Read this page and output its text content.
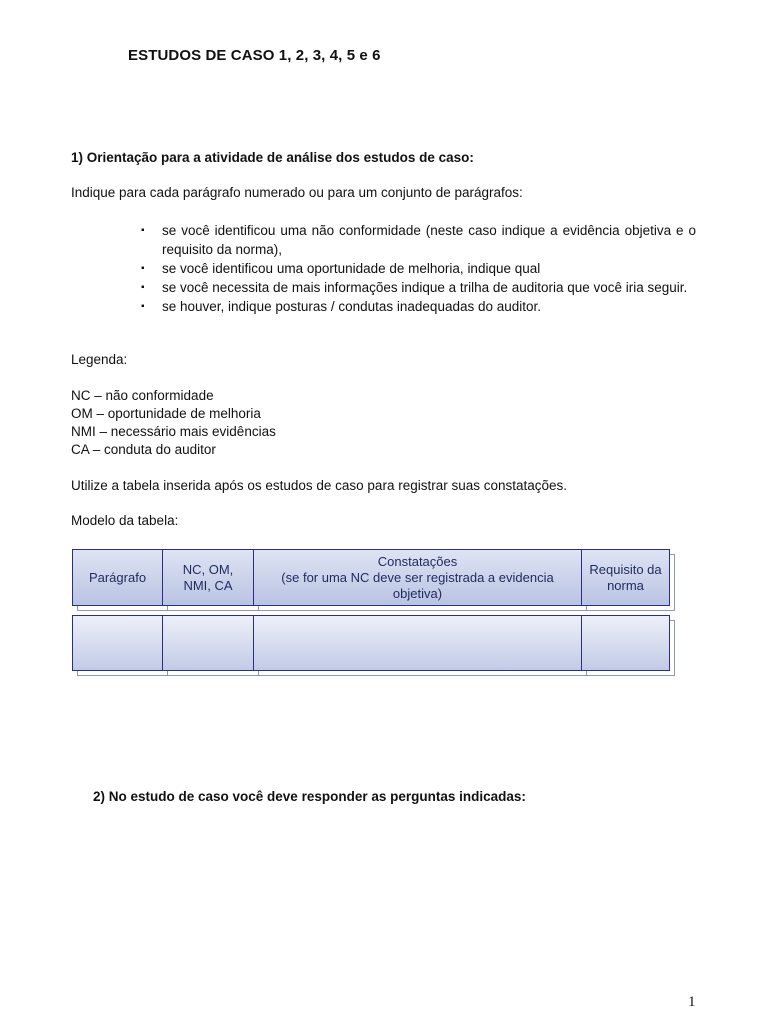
ESTUDOS DE CASO 1, 2, 3, 4, 5 e 6
1) Orientação para a atividade de análise dos estudos de caso:
Indique para cada parágrafo numerado ou para um conjunto de parágrafos:
▪ se você identificou uma não conformidade (neste caso indique a evidência objetiva e o requisito da norma),
▪ se você identificou uma oportunidade de melhoria, indique qual
▪ se você necessita de mais informações indique a trilha de auditoria que você iria seguir.
▪ se houver, indique posturas / condutas inadequadas do auditor.
Legenda:
NC – não conformidade
OM – oportunidade de melhoria
NMI – necessário mais evidências
CA – conduta do auditor
Utilize a tabela inserida após os estudos de caso para registrar suas constatações.
Modelo da tabela:
Parágrafo
NC, OM,
NMI, CA
Constatações
(se for uma NC deve ser registrada a evidencia
objetiva)
Requisito da
norma
2) No estudo de caso você deve responder as perguntas indicadas:
1
